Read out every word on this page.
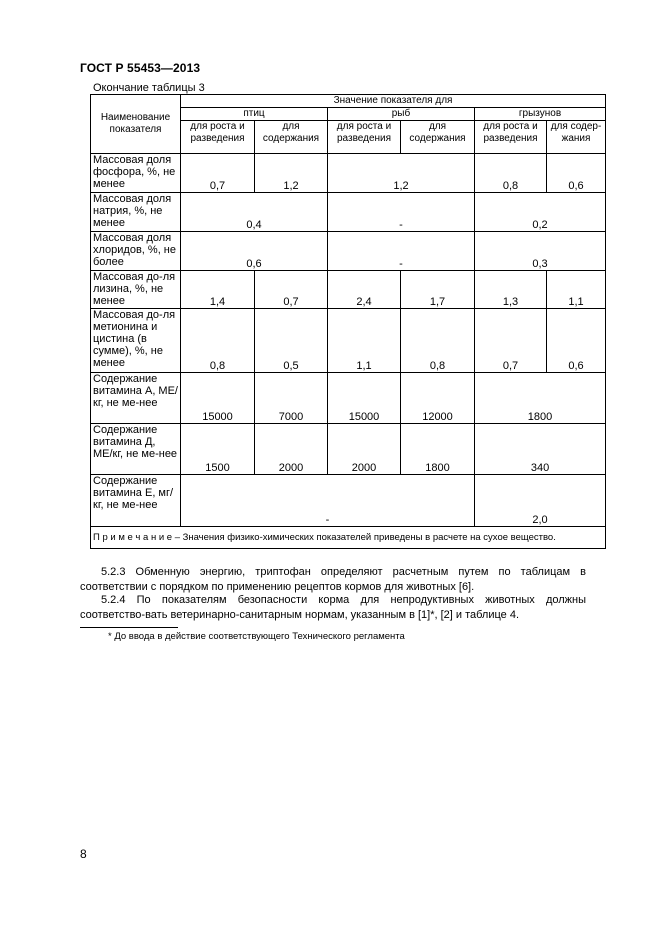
ГОСТ Р 55453—2013
Окончание таблицы 3
Наименование показателя	Значение показателя для					
	птиц		рыб		грызунов	
	для роста и разведения	для содержания	для роста и разведения	для содержания	для роста и разведения	для содер-жания
Массовая доля фосфора, %, не менее	0,7	1,2	1,2		0,8	0,6
Массовая доля натрия, %, не менее	0,4		-		0,2	
Массовая доля хлоридов, %, не более	0,6		-		0,3	
Массовая до-ля лизина, %, не менее	1,4	0,7	2,4	1,7	1,3	1,1
Массовая до-ля метионина и цистина (в сумме), %, не менее	0,8	0,5	1,1	0,8	0,7	0,6
Содержание витамина А, МЕ/кг, не ме-нее	15000	7000	15000	12000	1800	
Содержание витамина Д, МЕ/кг, не ме-нее	1500	2000	2000	1800	340	
Содержание витамина Е, мг/кг, не ме-нее	-				2,0	
П р и м е ч а н и е – Значения физико-химических показателей приведены в расчете на сухое вещество.						
5.2.3 Обменную энергию, триптофан определяют расчетным путем по таблицам в соответствии с порядком по применению рецептов кормов для животных [6].
5.2.4 По показателям безопасности корма для непродуктивных животных должны соответство-вать ветеринарно-санитарным нормам, указанным в [1]*, [2] и таблице 4.
* До ввода в действие соответствующего Технического регламента
8
